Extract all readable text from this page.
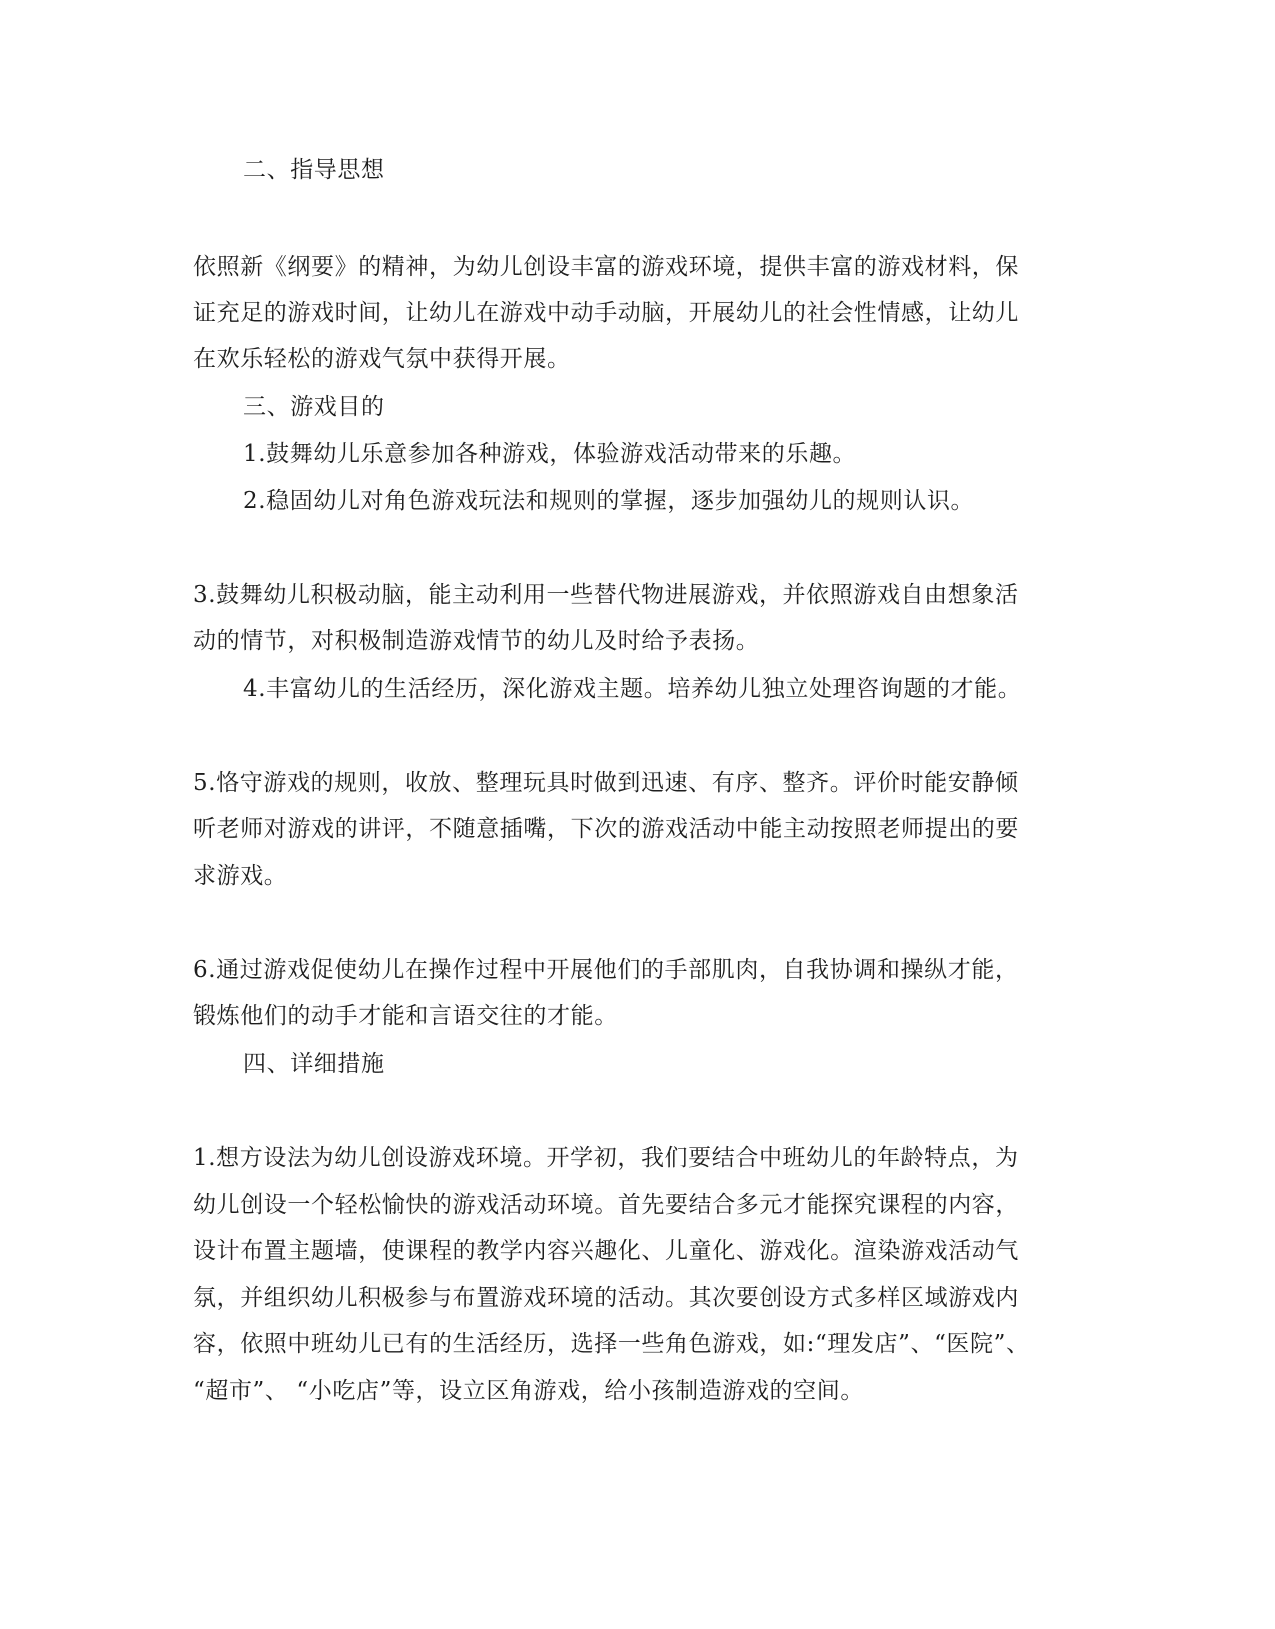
二、指导思想

依照新《纲要》的精神，为幼儿创设丰富的游戏环境，提供丰富的游戏材料，保

证充足的游戏时间，让幼儿在游戏中动手动脑，开展幼儿的社会性情感，让幼儿

在欢乐轻松的游戏气氛中获得开展。

三、游戏目的

1.鼓舞幼儿乐意参加各种游戏，体验游戏活动带来的乐趣。

2.稳固幼儿对角色游戏玩法和规则的掌握，逐步加强幼儿的规则认识。

3.鼓舞幼儿积极动脑，能主动利用一些替代物进展游戏，并依照游戏自由想象活

动的情节，对积极制造游戏情节的幼儿及时给予表扬。

4.丰富幼儿的生活经历，深化游戏主题。培养幼儿独立处理咨询题的才能。

5.恪守游戏的规则，收放、整理玩具时做到迅速、有序、整齐。评价时能安静倾

听老师对游戏的讲评，不随意插嘴，下次的游戏活动中能主动按照老师提出的要

求游戏。

6.通过游戏促使幼儿在操作过程中开展他们的手部肌肉，自我协调和操纵才能，

锻炼他们的动手才能和言语交往的才能。

四、详细措施

1.想方设法为幼儿创设游戏环境。开学初，我们要结合中班幼儿的年龄特点，为

幼儿创设一个轻松愉快的游戏活动环境。首先要结合多元才能探究课程的内容，

设计布置主题墙，使课程的教学内容兴趣化、儿童化、游戏化。渲染游戏活动气

氛，并组织幼儿积极参与布置游戏环境的活动。其次要创设方式多样区域游戏内

容，依照中班幼儿已有的生活经历，选择一些角色游戏，如:“理发店”、“医院”、

“超市”、 “小吃店”等，设立区角游戏，给小孩制造游戏的空间。
